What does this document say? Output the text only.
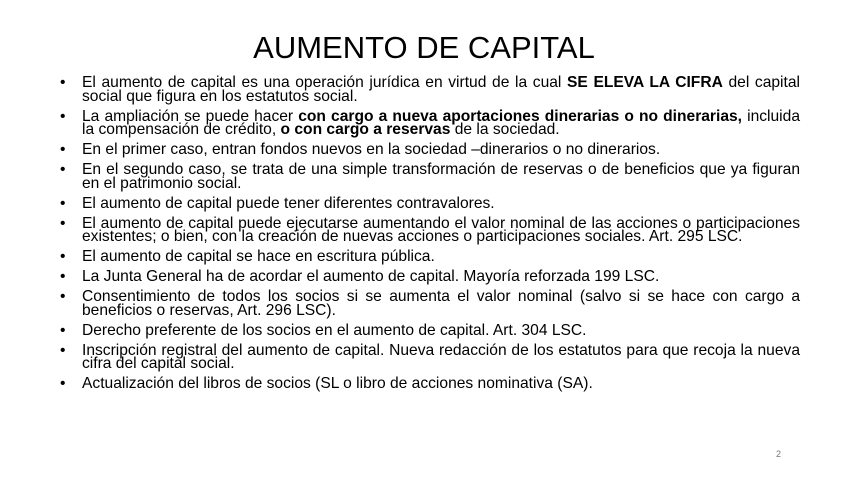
AUMENTO DE CAPITAL
• El aumento de capital es una operación jurídica en virtud de la cual SE ELEVA LA CIFRA del capital social que figura en los estatutos social.
• La ampliación se puede hacer con cargo a nueva aportaciones dinerarias o no dinerarias, incluida la compensación de crédito, o con cargo a reservas de la sociedad.
• En el primer caso, entran fondos nuevos en la sociedad –dinerarios o no dinerarios.
• En el segundo caso, se trata de una simple transformación de reservas o de beneficios que ya figuran en el patrimonio social.
• El aumento de capital puede tener diferentes contravalores.
• El aumento de capital puede ejecutarse aumentando el valor nominal de las acciones o participaciones existentes; o bien, con la creación de nuevas acciones o participaciones sociales. Art. 295 LSC.
• El aumento de capital se hace en escritura pública.
• La Junta General ha de acordar el aumento de capital. Mayoría reforzada 199 LSC.
• Consentimiento de todos los socios si se aumenta el valor nominal (salvo si se hace con cargo a beneficios o reservas, Art. 296 LSC).
• Derecho preferente de los socios en el aumento de capital. Art. 304 LSC.
• Inscripción registral del aumento de capital. Nueva redacción de los estatutos para que recoja la nueva cifra del capital social.
• Actualización del libros de socios (SL o libro de acciones nominativa (SA).
2
